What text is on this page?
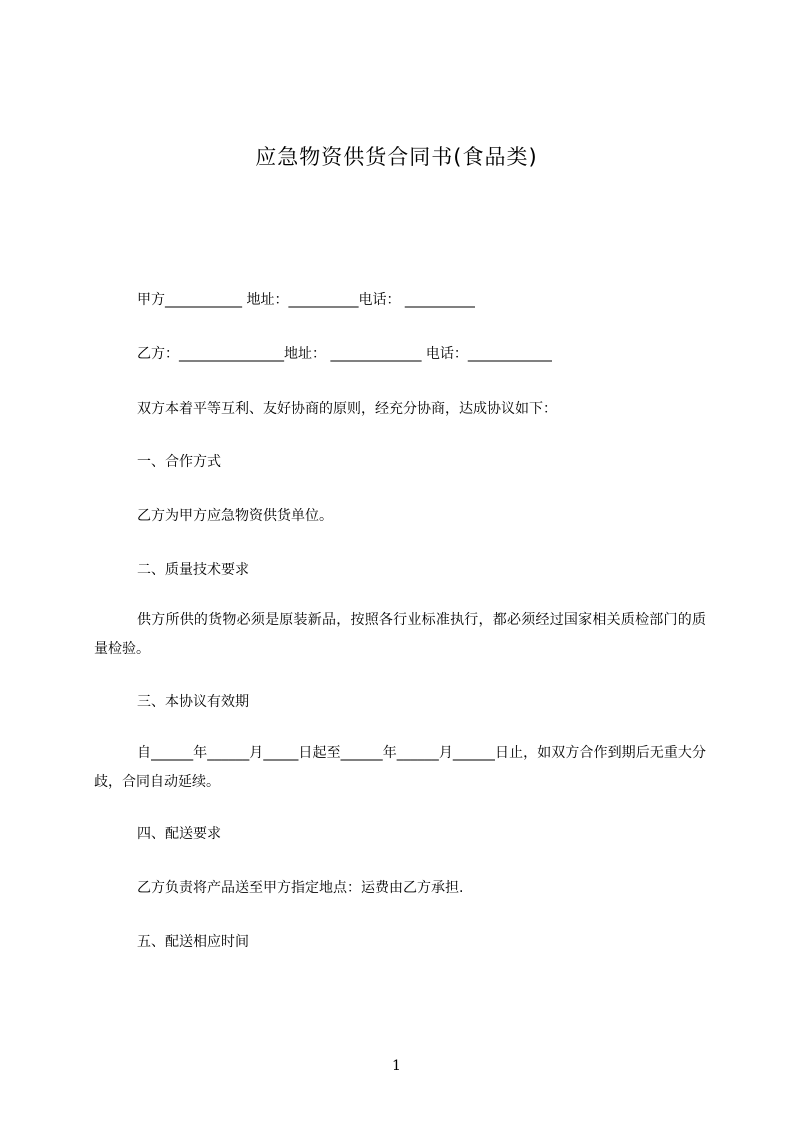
应急物资供货合同书(食品类)
甲方___________ 地址：__________电话： __________
乙方：_______________地址： _____________ 电话：____________
双方本着平等互利、友好协商的原则，经充分协商，达成协议如下：
一、合作方式
乙方为甲方应急物资供货单位。
二、质量技术要求
供方所供的货物必须是原装新品，按照各行业标准执行，都必须经过国家相关质检部门的质量检验。
三、本协议有效期
自______年______月_____日起至______年______月______日止，如双方合作到期后无重大分歧，合同自动延续。
四、配送要求
乙方负责将产品送至甲方指定地点：运费由乙方承担.
五、配送相应时间
1
